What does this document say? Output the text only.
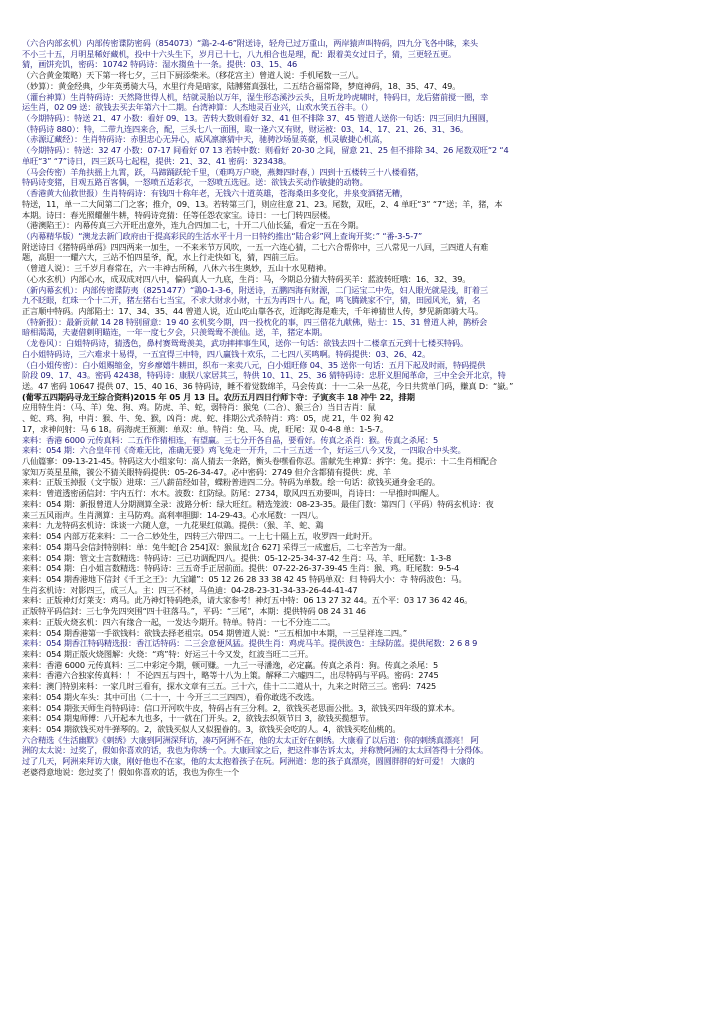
（六合内部玄机）内部传密谍防密码（854073）“鶏-2-4-6”附送诗，轻舟已过万重山，两岸猿声叫特码，四九分飞各中眛，来头
不小三十五，月明星稀好藏机，投中十六头生下，岁月已十七，八九相合也是理，配：跟着美女过日子，猜，三更轻五更。
猜，画饼充饥，密码：10742 特码诗：湿水搊鱼十一条。提供：03、15、46
（六合黄金策略）天下第一将七夕，三日下厨添柴米。（移花宫主）曾道人说：手机尾数一三八。
（妙算）：黄金经典，少年英勇骑大马，水里行舟是暗家，陆膊猪真强壮，二五结合福常降，梦庭神码，18、35、47、49。
（灌台神算）生肖特码诗：天然降世得人机，结就灵胎以万年，湿生形态溪沙云头，且听龙吟虎啸时，特码日，龙后猪前搅一圈，幸
运生肖，02 09 送：欲钱去买去年第六十二期。台湾神算：人杰地灵百业兴，山欢水笑五谷丰。（）
（今期特码）：特送 21、47 小数：看好 09、13。苦转大数则看好 32、41 但不排除 37、45 管道人送你一句话：四三回归九围圆，
（特码诗 880）：特，二带九连四来合，配，三头七八一面围，取一逢六又有财，财运被：03、14、17、21、26、31、36。
（赤源辽藏经）：生肖特码诗：赤胆忠心无异心，威风凛凛猜中天，驰骋沙场显英豪，机灵敏捷心机高，
（今期特码）：特送：32 47 小数：07-17 间看好 07 13 若转中数：则看好 20-30 之间，留意 21、25 但不排除 34、26 尾数双旺“2 “4
单旺“3” “7”诗日，四三跃马七起程，提供：21、32、41 密码：323438。
（马会传密）羊角扶摇上九霄，跃，马蹄踊跃轮千里，（难鸣万户晓，燕舞四时春，）四到十五楼转三十八楼看猪，
特码诗变猪，目观五路百客偶，一怒喷五适彩衣，一怒喷五选冠。送：欲钱去买动作敏捷的动物。
（香港黄大仙救世报）生肖特码诗：有钱四十称年老，无钱六十道英雄，苍海桑田多变化，井泉变酒猪无糟，
特送，11，单一二大间第二门之客；推介，09、13。若转第三门，则应往意 21、23。尾数，双旺，2、4 单旺“3” “7”送；羊，猪，本
本期。诗曰：春光照耀催牛耕，特码诗竞猜：任等任怨农家宝。诗日：一七门转四层楼。
（港澳陷王）：内幕传真三六开旺出意外，连九合四加二七，十开二八仙长猛，看定一五在今期。
（内幕精华版）“澳龙去新门政府由于提高彩民的生活水平十月一日特约推出“陆合彩”网上查询开奖：” “番-3-5-7”
附送诗曰《猪特码单码》四四两来一加生，一不来米节万风吹，一五一六连心猜，二七六合帮你中，三八常见一八回，三四道人有难
题，高胆一一耀六大，三站不怕四星爷，配，水上行走快如飞，猜，四前三后。
（曾道人说）：三千岁月春常在，六一丰神古所稀，八休六书生奥妙，五山十水见精神。
（心水玄机）内部心水，成双成对四八中，偏码真人一九底，生肖：马，今期总分猜大特码买羊：蓝波转旺哦：16、32、39。
（新内幕玄机）：内部传密谍防夷（8251477）“鶏0-1-3-6，附送诗，五鹏四海有财源，二门运宝二中先，妇人眼光就是浅，盯着三
九不眨眼，红珠一个十二开，猪左猪右七当宝，不求大财求小财，十五为再四十八。配，鸣飞腾跳家不宁，猜，田园风光，猜，名
正言顺中特码。内部陷士：17、34、35、44 曾道人说，近山吃山靠各衣，近海吃海是难夫，千年神猜世人传，梦见新郎骑大马。
（特新报）：最新贡献 14 28 特别留意：19 40 玄机奖今期，四一投枕化的事，四三借花九献佛，贴士：15、31 曾道人神，鹊桥会
暗相渴渴，夫妻借刺明瞄连，一年一度七夕会，只羡鸳鸯不羡仙。送，羊，猪定本期。
（龙卷风）：白姐特码诗，猜透色，鼻村赛鸳鸯羡美，武功摔摔事生风，送你一句话：欲钱去四十二楼拿五元到十七楼买特码。
白小姐特码诗，三六难求十易得，一五宜得三中特，四八赢钱十欢乐，二七四八买鸣啊。特码提供：03、26、42。
（白小姐传密）：白小姐赐缩金，穷乡瘳嬉牛耕田，织布一来卖八元，白小姐旺修 04、35 送你一句话：五月下起及时雨，特码提供
阶段 09、17、43。密码 42438，特码诗：康朕八家居其三，特供 10、11、25、36 猜特码诗：忠肝义胆闻革命，三中全会开北京，特
送。47 密码 10647 提供 07、15、40 16、36 特码诗，睡不着觉数绵羊，马会传真：十一二朵一丛花，今日共赏单门码，赚真 D：“嶽。”
(葡零五四期码寻龙王综合资料)2015 年 05 月 13 日。农历五月四日行师卞寺：子寅亥丰 18 冲牛 22，排期
应用特生肖：（马、羊）兔、狗、鸡。防虎、羊、蛇，弱特肖：猴兔（二合）、猴三合）当日吉肖：鼠
、蛇、鸡、狗，中肖：猴、牛、兔、猴，凶肖：虎、蛇、排期公式杀特肖：鸡：05，虎 21，牛 02 狗 42
17，求神问射：马 6 18。码海虎王预测：单双：单。特肖：兔、马、虎，旺尾：双 0-4-8 单：1-5-7。
来料：香港 6000 元传真料：二五作作猜相连，有望赢。三七分开各自晶，要看好。传真之杀肖：猴。传真之杀尾：5
来料：054 期：六合皇年刊《奇难无比，准确无要》鸡飞兔走一开升，二十三五送一个，好运三八今又发，一四取合中头奖。
八仙篇寥：09-13-21-45。特码这大小组家句：高人猜去一条路，衡头卷嘿看你忍。雷献先生神算：拆字：兔。提示：十二生肖相配合
家知万英星星熊，虢公不猜关眼特码提供：05-26-34-47。必中密码：2749 但介含都猜有提供：虎、羊
来料：正版玉掉报（文字版）进球：三八薪苗经如昔，蝶粉普进四二分。特码为单数。绘一句话：欲钱买通身金毛的。
来料：曾道透密函信封：宇内五行：水木。波数：红防绿。防尾：2734，歇风四五劝要叫，肖诗曰：一早推时叫醒人。
来料：054 期：新报曾道人分期测算全录：波路分析：绿大旺红。精选笼波：08-23-35。最佳门数：第四门（平码）特码玄机诗：夜
来三五风雨声。生肖测算：主马防鸡。高利率胆脚：14-29-43。心水尾数：一四八。
来料：九龙特码玄机诗：诛谈一六随人意，一九花果红似鶏。提供：（猴、羊、蛇、鶏
来料：054 内部万花来料：二一合二妙处生，四转三六带四二。一上七十隔上五，收罗四一此时开。
来料：054 期马会信封特别料：单：兔牛蛇[合 254]双：猴鼠龙[合 627] 采得三一成蜜后，二七辛苦为一甜。
来料：054 期：管文士言数精选：特码诗：三已功调配四八。提供：05-12-25-34-37-42 生肖：马、羊、旺尾数：1-3-8
来料：054 期：白小姐言数精选：特码诗：三五奇手正居前面。提供：07-22-26-37-39-45 生肖：猴、鸡。旺尾数：9-5-4
来料：054 期香港地下信封《千王之王》：九宝罐”：05 12 26 28 33 38 42 45 特码单双：归 特码大小：寺 特码波色：马。
生肖玄机诗：对影四三，成三人。主：四三不材，马鱼迪：04-28-23-31-34-33-26-44-41-47
来料：正版神灯灯莱支：鸡马。此乃神灯特码绝杀，请大家参考！神灯五中特：06 13 27 32 44。五个平：03 17 36 42 46。
正版特平码信封：三七争先四突围“四十驻落马。”，平码：“三尾”，本期：提供特码 08 24 31 46
来料：正版火烧玄机：四六有缘合一起，一发达今期开。特单。特肖：一七不分连二二。
来料：054 期香港第一手欲钱料：欲钱去择老祖宗。054 期曾道人说：“三五相加中本期，一三呈祥连二四。”
来料：054 期香江特码精选报：香江话特码：二三会意便风猛。提供生肖：鸡虎马羊。提供波色：主绿防蓝。提供尾数：2 6 8 9
来料：054 期正版火烧图解：火烧：“鸡”特：好运三十今又发，红波当旺二三开。
来料：香港 6000 元传真料：三二中彩定今期，顿可赚。一九三一寻潘逸，必定赢。传真之杀肖：狗。传真之杀尾：5
来料：香港六合独家传真料：！ 不论四五与四十，略等十八为上策。解释二六嘘四二，出尽特码与平码。密码：2745
来料：澳门特别来料：一家几时三看有，探水文章有三五。三十六，佳十二二道从十，九来之时陪三三。密码：7425
来料：054 期火车头：其中可出（二十一，十 今开三二三四四），看你敢选不改选。
来料：054 期张天师生肖特码诗：信口开河吹牛皮，特码占有三分利。2，欲钱买老思面公批。3，欲钱买四年级的算术本。
来料：054 期鬼师傅：八开起本九也多，十一就在门开头。2，欲钱去织领节日 3，欲钱买揽想节。
来料：054 期欲钱买对牛弹琴的。2，欲钱买似人又似猩眷的。3，欲钱买会吃的人。4，欲钱买吃仙桃的。
六合精选《生活幽默》《刺绣》大康到阿洲深拜访，凑巧阿洲不在，他的太太正好在刺绣。大康看了以后道：你的刺绣真漂亮！ 阿
洲的太太说：过奖了，假如你喜欢的话，我也为你绣一个。大康回家之后，把这件事告诉太太，并称赞阿洲的太太回答得十分得体。
过了几天，阿洲来拜访大康，刚好他也不在家，他的太太抱着孩子在玩。阿洲道：您的孩子真漂亮，圆圆胖胖的好可爱！ 大康的
老婆得意地说：您过奖了！假如你喜欢的话，我也为你生一个
